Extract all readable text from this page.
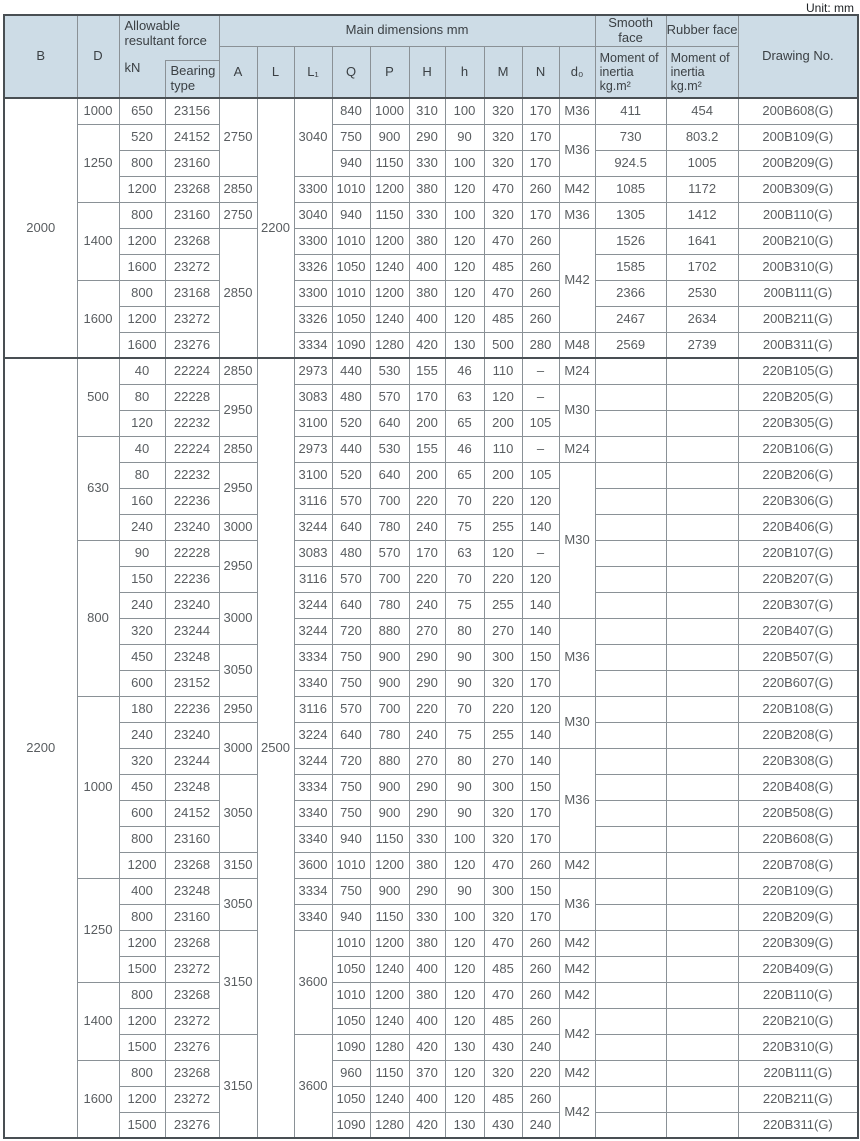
Unit: mm
B	D	Allowable resultant force		Main dimensions mm										Smooth face	Rubber face	Drawing No.
				A	L	L₁	Q	P	H	h	M	N	d₀	Moment of inertia kg.m²	Moment of inertia kg.m²	
		kN	Bearing type													
2000	1000	650	23156	2750	2200	3040	840	1000	310	100	320	170	M36	411	454	200B608(G)
	1250	520	24152				750	900	290	90	320	170	M36	730	803.2	200B109(G)
		800	23160				940	1150	330	100	320	170		924.5	1005	200B209(G)
		1200	23268	2850		3300	1010	1200	380	120	470	260	M42	1085	1172	200B309(G)
	1400	800	23160	2750		3040	940	1150	330	100	320	170	M36	1305	1412	200B110(G)
		1200	23268	2850		3300	1010	1200	380	120	470	260	M42	1526	1641	200B210(G)
		1600	23272			3326	1050	1240	400	120	485	260		1585	1702	200B310(G)
	1600	800	23168			3300	1010	1200	380	120	470	260		2366	2530	200B111(G)
		1200	23272			3326	1050	1240	400	120	485	260		2467	2634	200B211(G)
		1600	23276			3334	1090	1280	420	130	500	280	M48	2569	2739	200B311(G)
2200	500	40	22224	2850	2500	2973	440	530	155	46	110	–	M24			220B105(G)
		80	22228	2950		3083	480	570	170	63	120	–	M30			220B205(G)
		120	22232			3100	520	640	200	65	200	105				220B305(G)
	630	40	22224	2850		2973	440	530	155	46	110	–	M24			220B106(G)
		80	22232	2950		3100	520	640	200	65	200	105	M30			220B206(G)
		160	22236			3116	570	700	220	70	220	120				220B306(G)
		240	23240	3000		3244	640	780	240	75	255	140				220B406(G)
	800	90	22228	2950		3083	480	570	170	63	120	–				220B107(G)
		150	22236			3116	570	700	220	70	220	120				220B207(G)
		240	23240	3000		3244	640	780	240	75	255	140				220B307(G)
		320	23244			3244	720	880	270	80	270	140	M36			220B407(G)
		450	23248	3050		3334	750	900	290	90	300	150				220B507(G)
		600	23152			3340	750	900	290	90	320	170				220B607(G)
	1000	180	22236	2950		3116	570	700	220	70	220	120	M30			220B108(G)
		240	23240	3000		3224	640	780	240	75	255	140				220B208(G)
		320	23244			3244	720	880	270	80	270	140	M36			220B308(G)
		450	23248	3050		3334	750	900	290	90	300	150				220B408(G)
		600	24152			3340	750	900	290	90	320	170				220B508(G)
		800	23160			3340	940	1150	330	100	320	170				220B608(G)
		1200	23268	3150		3600	1010	1200	380	120	470	260	M42			220B708(G)
	1250	400	23248	3050		3334	750	900	290	90	300	150	M36			220B109(G)
		800	23160			3340	940	1150	330	100	320	170				220B209(G)
		1200	23268	3150		3600	1010	1200	380	120	470	260	M42			220B309(G)
		1500	23272				1050	1240	400	120	485	260	M42			220B409(G)
	1400	800	23268				1010	1200	380	120	470	260	M42			220B110(G)
		1200	23272				1050	1240	400	120	485	260	M42			220B210(G)
		1500	23276	3150		3600	1090	1280	420	130	430	240				220B310(G)
	1600	800	23268				960	1150	370	120	320	220	M42			220B111(G)
		1200	23272				1050	1240	400	120	485	260	M42			220B211(G)
		1500	23276				1090	1280	420	130	430	240				220B311(G)
